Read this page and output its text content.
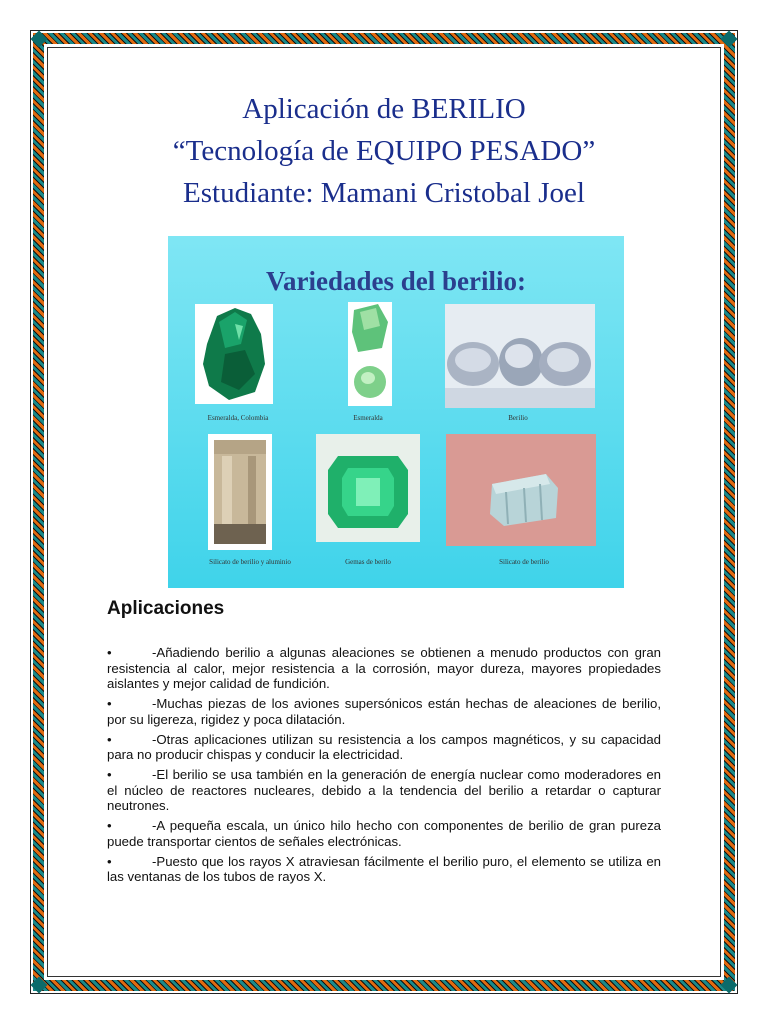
Aplicación de BERILIO

“Tecnología de EQUIPO PESADO”

Estudiante: Mamani Cristobal Joel

Variedades del berilio:

Esmeralda, Colombia	Esmeralda	Berilio

Silicato de berilio y aluminio	Gemas de berilo	Silicato de berilio

Aplicaciones
•	-Añadiendo berilio a algunas aleaciones se obtienen a menudo productos con gran resistencia al calor, mejor resistencia a la corrosión, mayor dureza, mayores propiedades aislantes y mejor calidad de fundición.
•	-Muchas piezas de los aviones supersónicos están hechas de aleaciones de berilio, por su ligereza, rigidez y poca dilatación.
•	-Otras aplicaciones utilizan su resistencia a los campos magnéticos, y su capacidad para no producir chispas y conducir la electricidad.
•	-El berilio se usa también en la generación de energía nuclear como moderadores en el núcleo de reactores nucleares, debido a la tendencia del berilio a retardar o capturar neutrones.
•	-A pequeña escala, un único hilo hecho con componentes de berilio de gran pureza puede transportar cientos de señales electrónicas.
•	-Puesto que los rayos X atraviesan fácilmente el berilio puro, el elemento se utiliza en las ventanas de los tubos de rayos X.
